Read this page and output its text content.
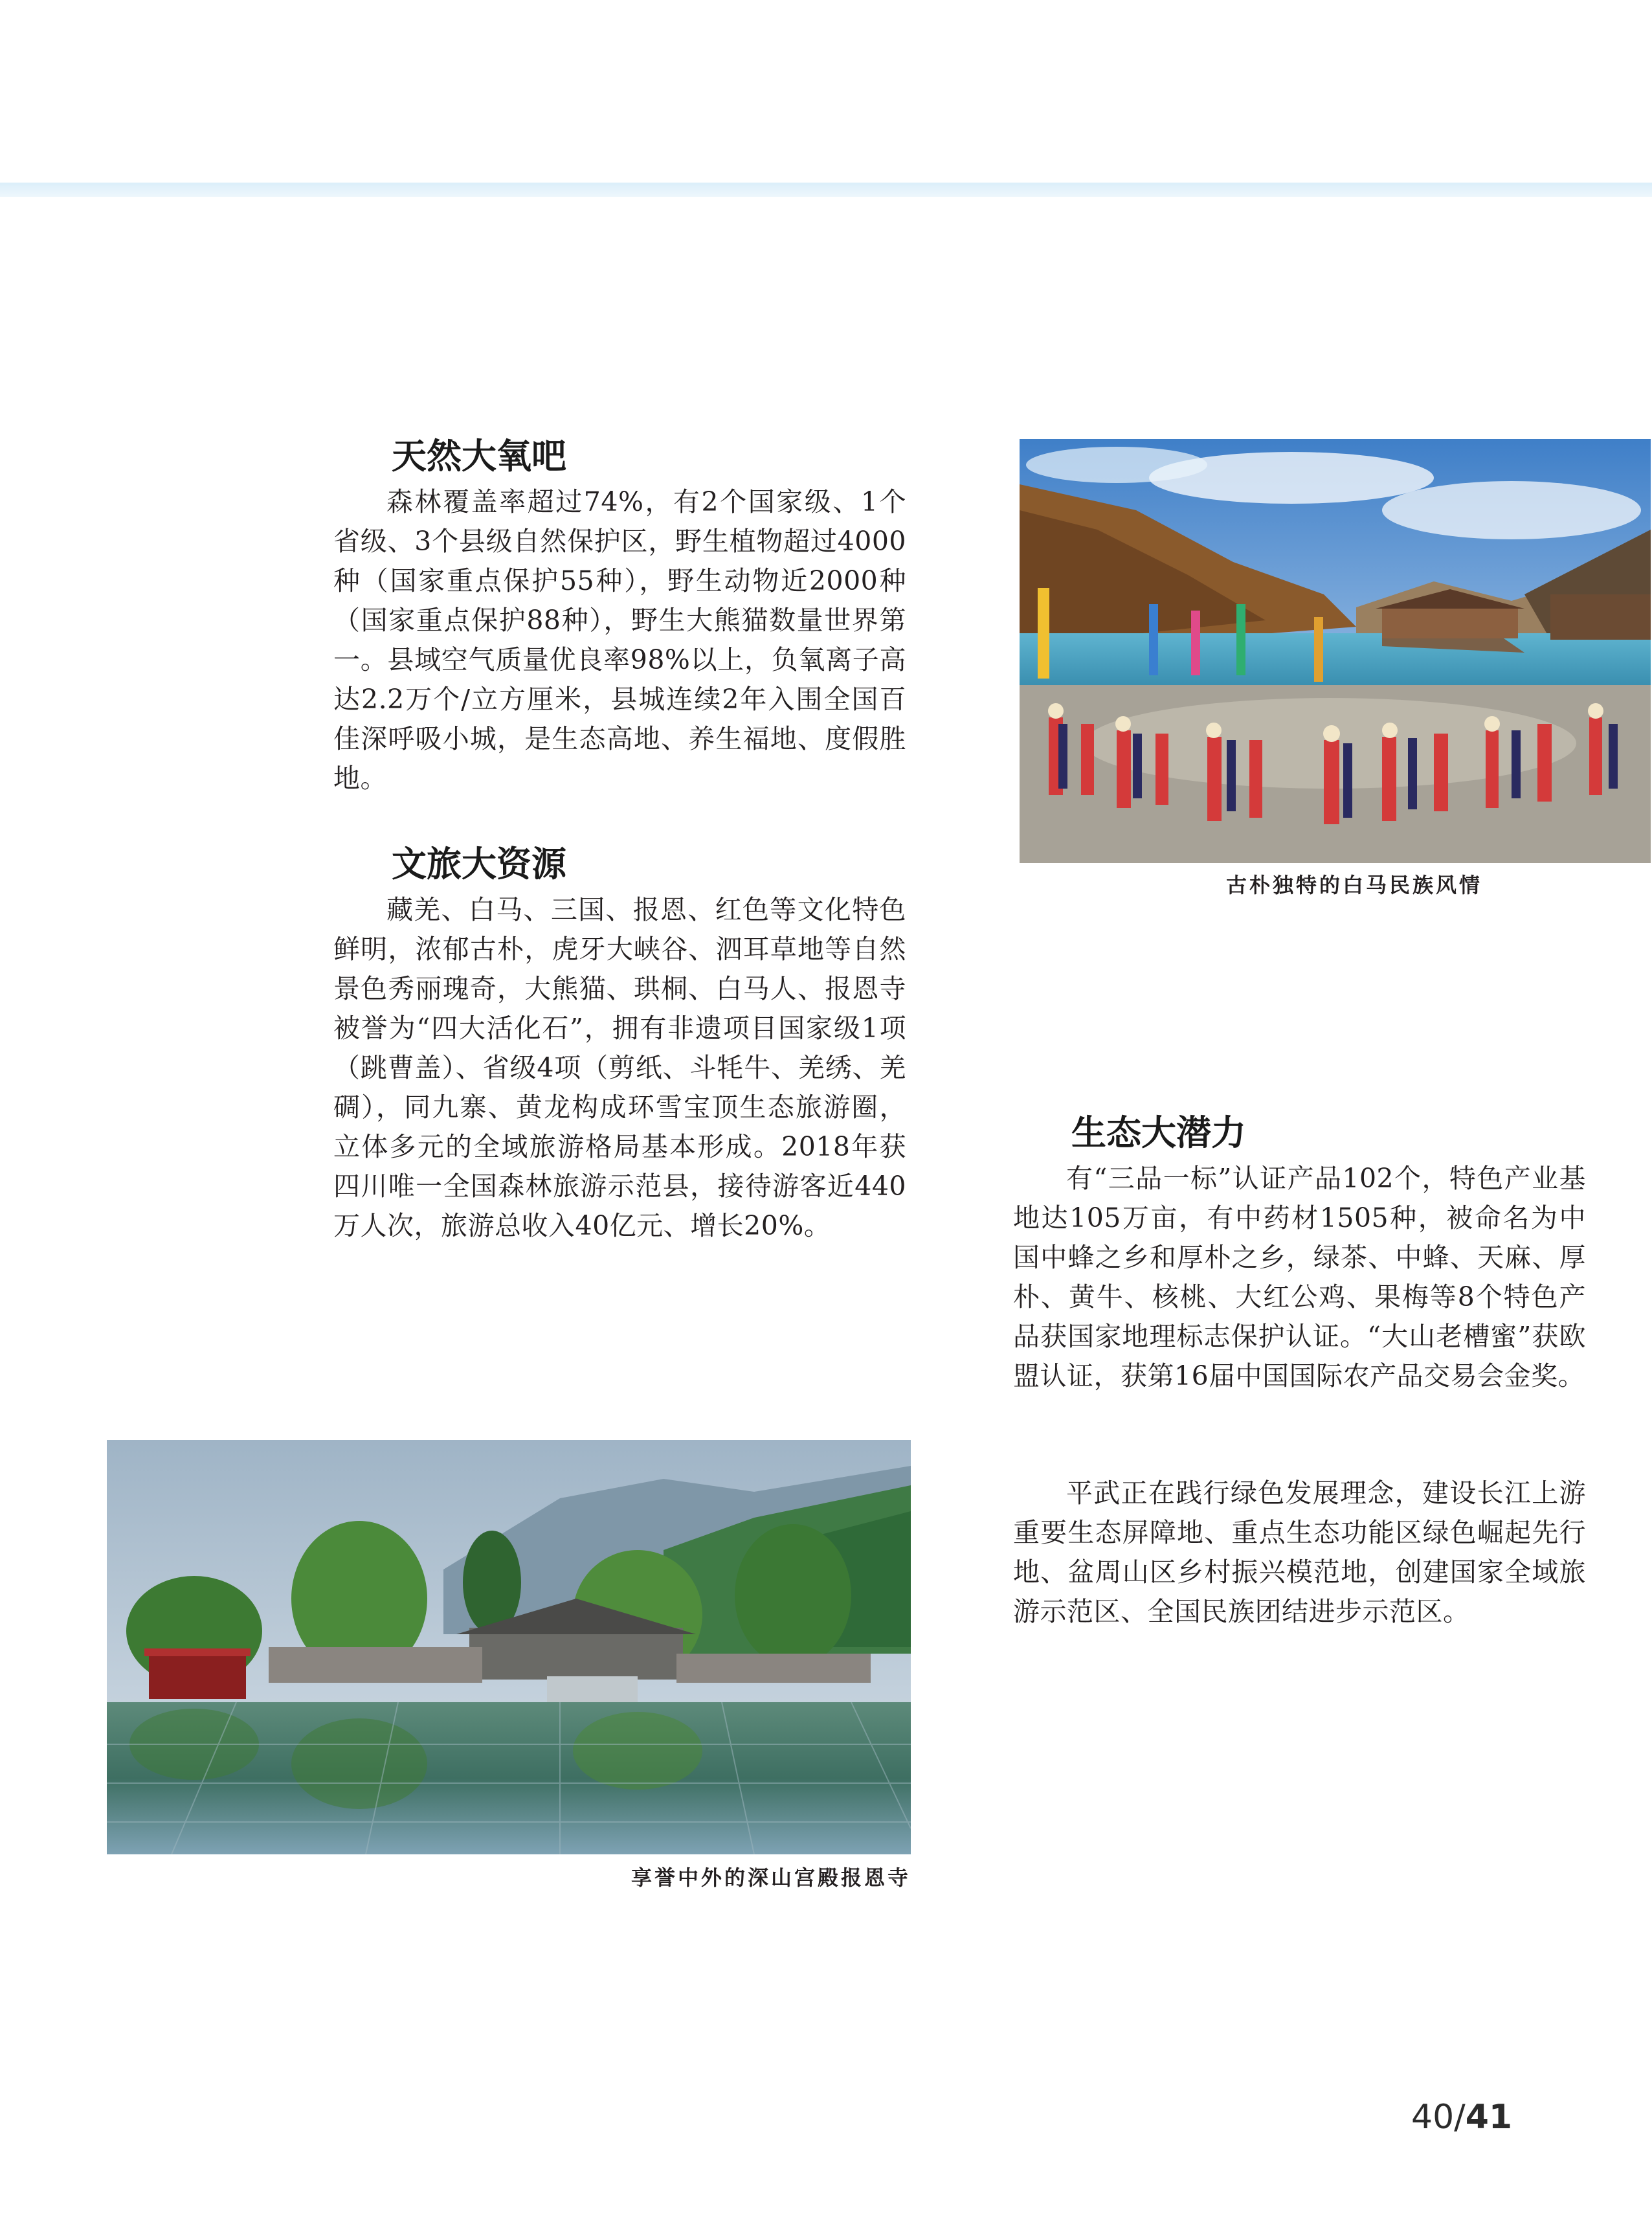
天然大氧吧

森林覆盖率超过74%，有2个国家级、1个省级、3个县级自然保护区，野生植物超过4000种（国家重点保护55种），野生动物近2000种（国家重点保护88种），野生大熊猫数量世界第一。县域空气质量优良率98%以上，负氧离子高达2.2万个/立方厘米，县城连续2年入围全国百佳深呼吸小城，是生态高地、养生福地、度假胜地。

文旅大资源

藏羌、白马、三国、报恩、红色等文化特色鲜明，浓郁古朴，虎牙大峡谷、泗耳草地等自然景色秀丽瑰奇，大熊猫、珙桐、白马人、报恩寺被誉为“四大活化石”，拥有非遗项目国家级1项（跳曹盖）、省级4项（剪纸、斗牦牛、羌绣、羌碉），同九寨、黄龙构成环雪宝顶生态旅游圈，立体多元的全域旅游格局基本形成。2018年获四川唯一全国森林旅游示范县，接待游客近440万人次，旅游总收入40亿元、增长20%。

生态大潜力

有“三品一标”认证产品102个，特色产业基地达105万亩，有中药材1505种，被命名为中国中蜂之乡和厚朴之乡，绿茶、中蜂、天麻、厚朴、黄牛、核桃、大红公鸡、果梅等8个特色产品获国家地理标志保护认证。“大山老槽蜜”获欧盟认证，获第16届中国国际农产品交易会金奖。

平武正在践行绿色发展理念，建设长江上游重要生态屏障地、重点生态功能区绿色崛起先行地、盆周山区乡村振兴模范地，创建国家全域旅游示范区、全国民族团结进步示范区。

古朴独特的白马民族风情

享誉中外的深山宫殿报恩寺

40/41
